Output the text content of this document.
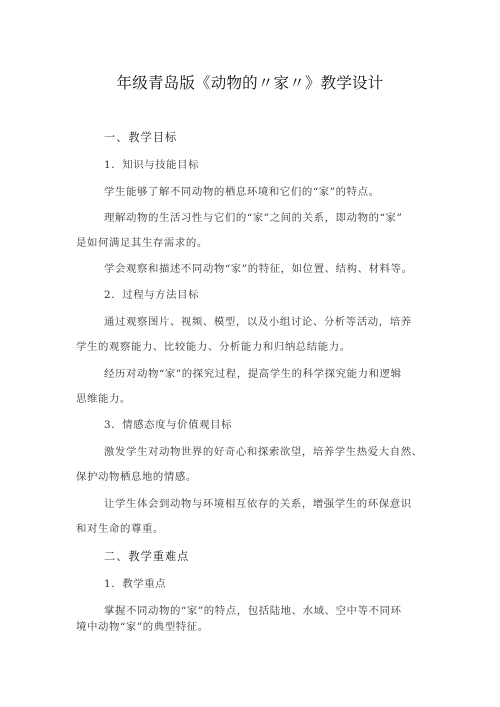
年级青岛版《动物的〃家〃》教学设计
一、教学目标
1．知识与技能目标
学生能够了解不同动物的栖息环境和它们的“家”的特点。
理解动物的生活习性与它们的“家”之间的关系，即动物的“家”
是如何满足其生存需求的。
学会观察和描述不同动物“家”的特征，如位置、结构、材料等。
2．过程与方法目标
通过观察图片、视频、模型，以及小组讨论、分析等活动，培养
学生的观察能力、比较能力、分析能力和归纳总结能力。
经历对动物“家”的探究过程，提高学生的科学探究能力和逻辑
思维能力。
3．情感态度与价值观目标
激发学生对动物世界的好奇心和探索欲望，培养学生热爱大自然、
保护动物栖息地的情感。
让学生体会到动物与环境相互依存的关系，增强学生的环保意识
和对生命的尊重。
二、教学重难点
1．教学重点
掌握不同动物的“家”的特点，包括陆地、水域、空中等不同环
境中动物“家”的典型特征。
